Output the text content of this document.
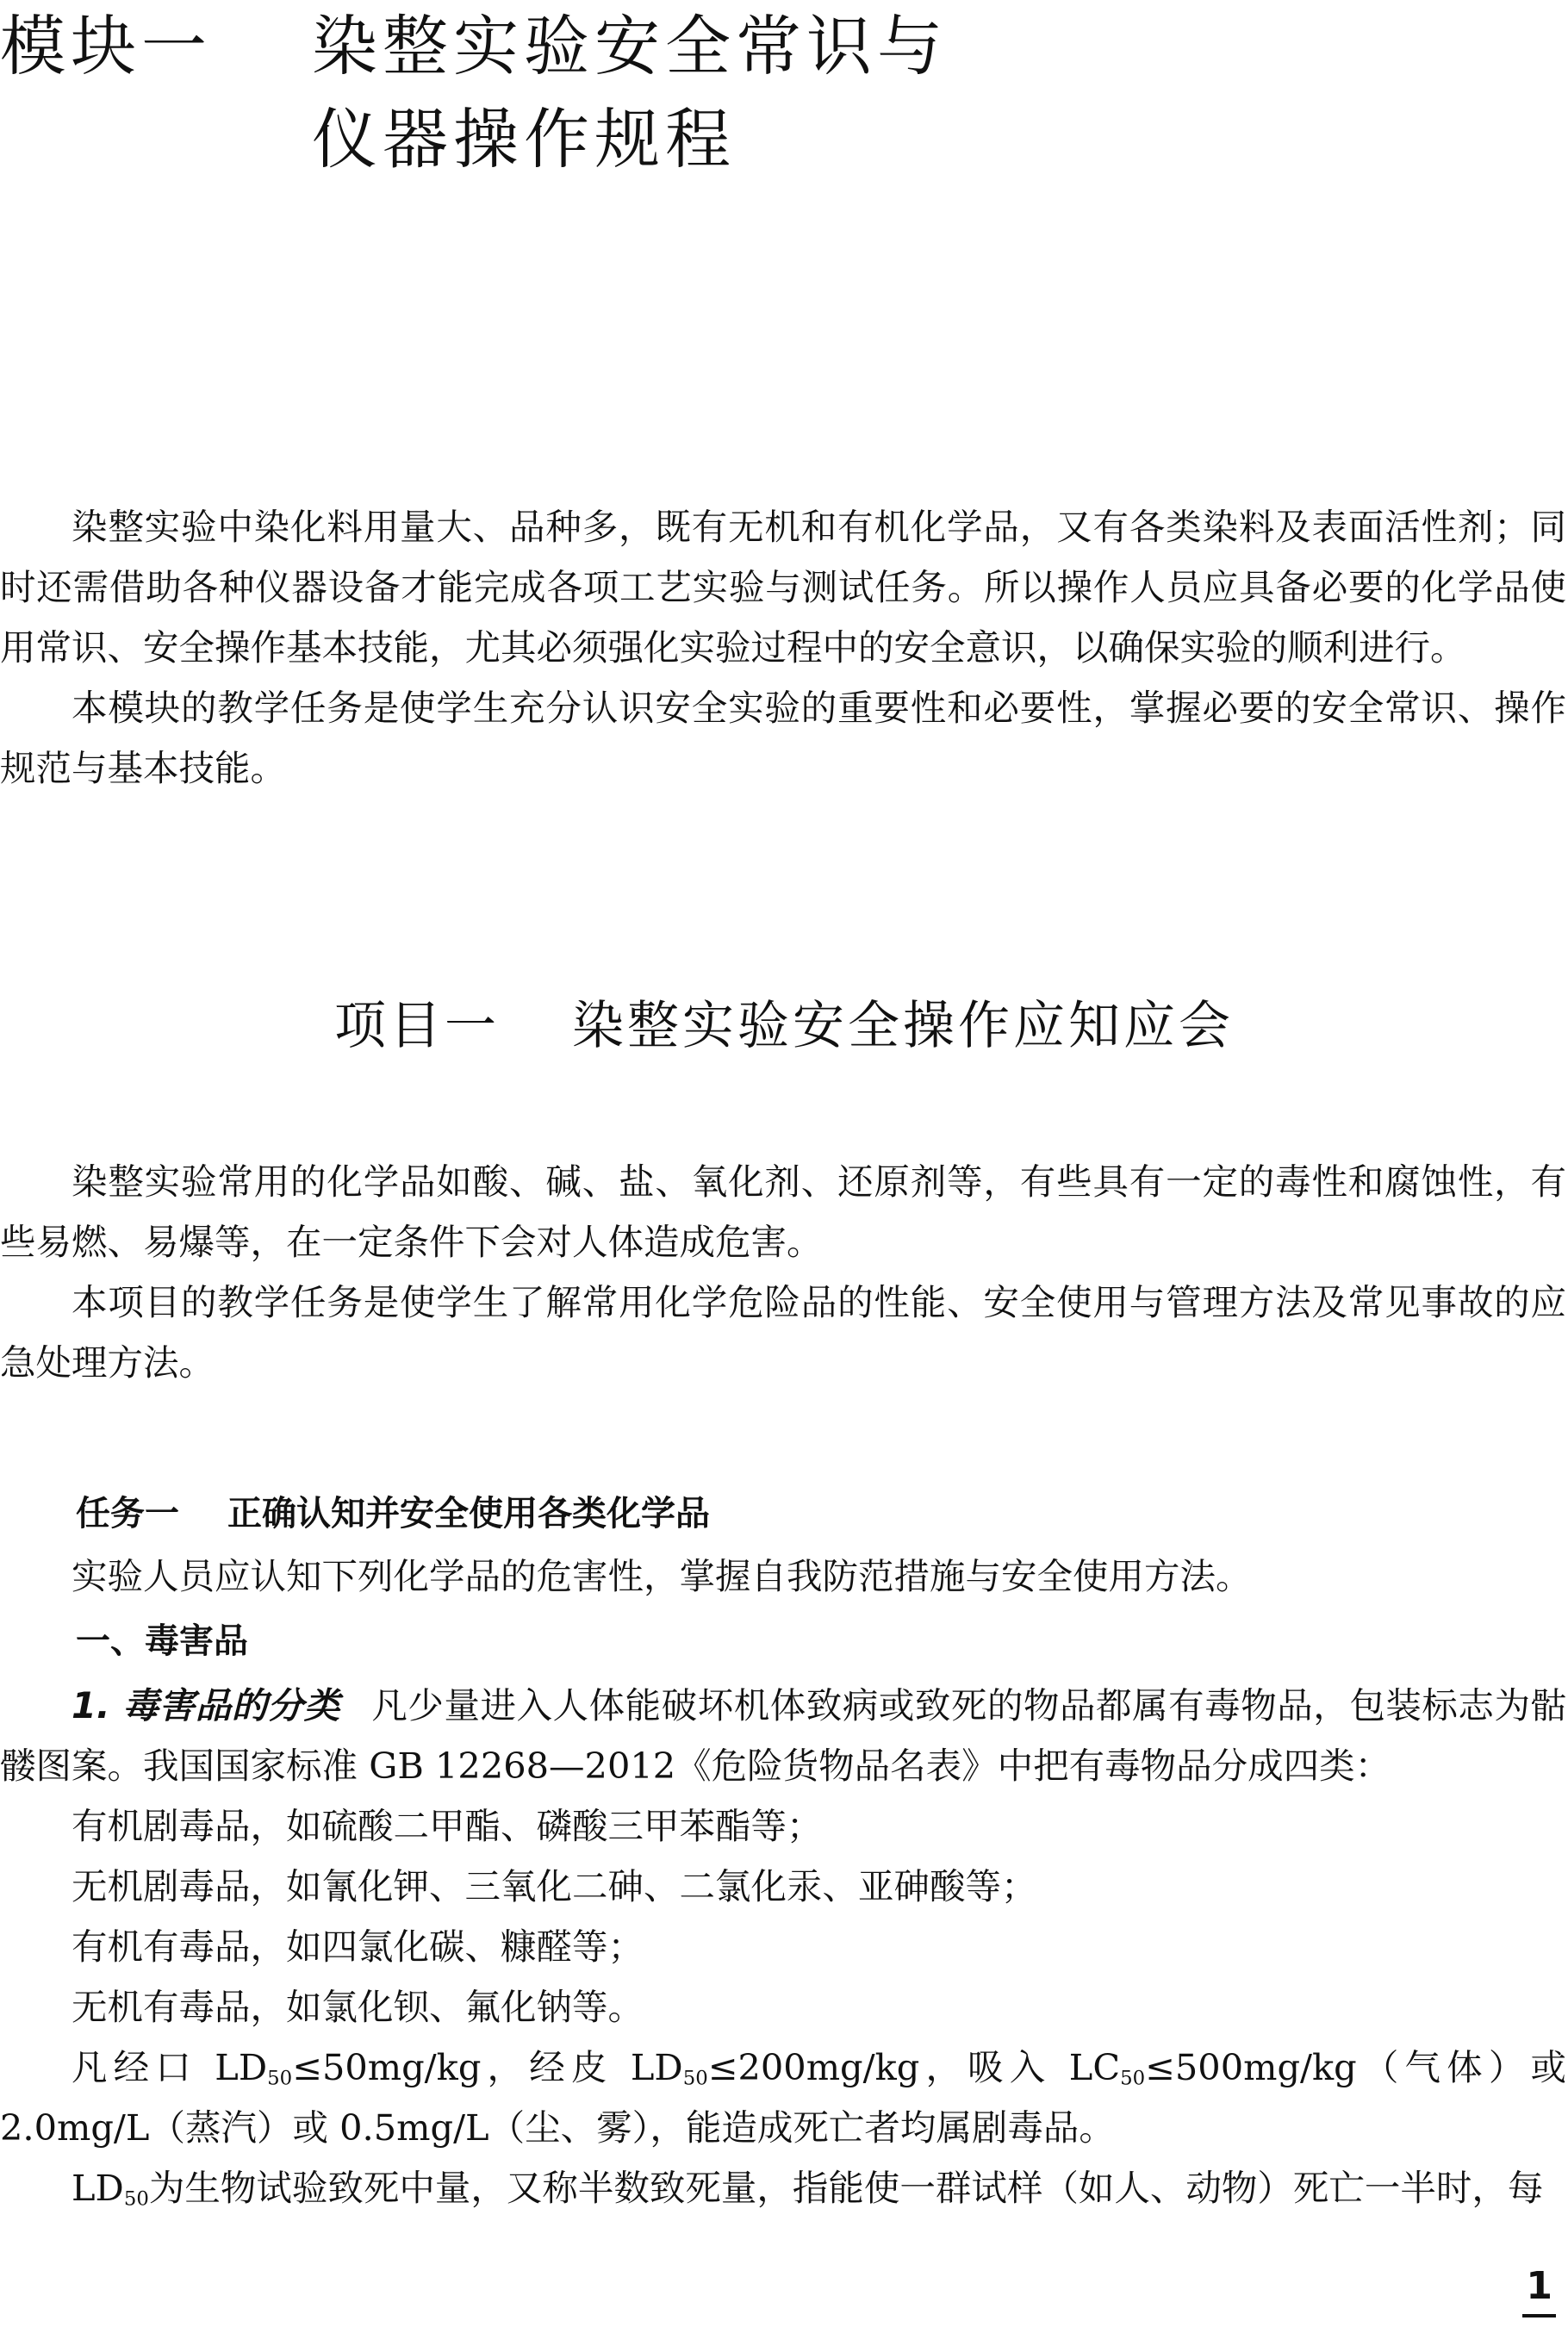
模块一 染整实验安全常识与
仪器操作规程

染整实验中染化料用量大、品种多，既有无机和有机化学品，又有各类染料及表面活性剂；同时还需借助各种仪器设备才能完成各项工艺实验与测试任务。所以操作人员应具备必要的化学品使用常识、安全操作基本技能，尤其必须强化实验过程中的安全意识，以确保实验的顺利进行。

本模块的教学任务是使学生充分认识安全实验的重要性和必要性，掌握必要的安全常识、操作规范与基本技能。

项目一 染整实验安全操作应知应会

染整实验常用的化学品如酸、碱、盐、氧化剂、还原剂等，有些具有一定的毒性和腐蚀性，有些易燃、易爆等，在一定条件下会对人体造成危害。

本项目的教学任务是使学生了解常用化学危险品的性能、安全使用与管理方法及常见事故的应急处理方法。

任务一 正确认知并安全使用各类化学品

实验人员应认知下列化学品的危害性，掌握自我防范措施与安全使用方法。

一、毒害品

1. 毒害品的分类 凡少量进入人体能破坏机体致病或致死的物品都属有毒物品，包装标志为骷髅图案。我国国家标准 GB 12268—2012《危险货物品名表》中把有毒物品分成四类：

有机剧毒品，如硫酸二甲酯、磷酸三甲苯酯等；

无机剧毒品，如氰化钾、三氧化二砷、二氯化汞、亚砷酸等；

有机有毒品，如四氯化碳、糠醛等；

无机有毒品，如氯化钡、氟化钠等。

凡经口 $LD_{50}\le 50mg/kg$，经皮 $LD_{50}\le 200mg/kg$，吸入 $LC_{50}\le 500mg/kg$（气体）或 2.0mg/L（蒸汽）或 0.5mg/L（尘、雾），能造成死亡者均属剧毒品。

$LD_{50}$为生物试验致死中量，又称半数致死量，指能使一群试样（如人、动物）死亡一半时，每

1
